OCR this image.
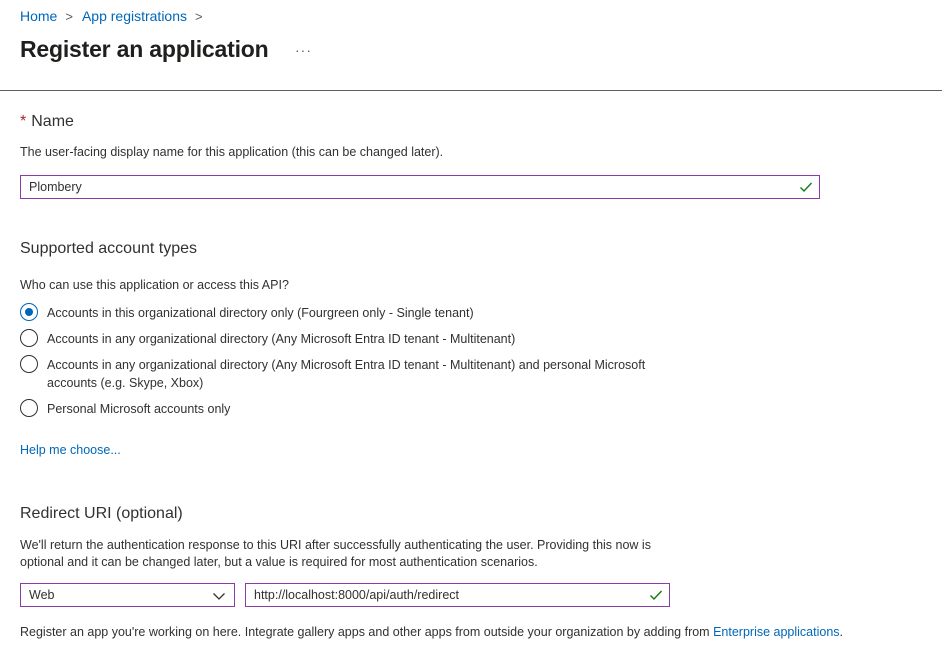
Home > App registrations >
Register an application ···
* Name
The user-facing display name for this application (this can be changed later).
Plombery
Supported account types
Who can use this application or access this API?
Accounts in this organizational directory only (Fourgreen only - Single tenant)
Accounts in any organizational directory (Any Microsoft Entra ID tenant - Multitenant)
Accounts in any organizational directory (Any Microsoft Entra ID tenant - Multitenant) and personal Microsoft
accounts (e.g. Skype, Xbox)
Personal Microsoft accounts only
Help me choose...
Redirect URI (optional)
We'll return the authentication response to this URI after successfully authenticating the user. Providing this now is
optional and it can be changed later, but a value is required for most authentication scenarios.
Web	http://localhost:8000/api/auth/redirect
Register an app you're working on here. Integrate gallery apps and other apps from outside your organization by adding from Enterprise applications.
